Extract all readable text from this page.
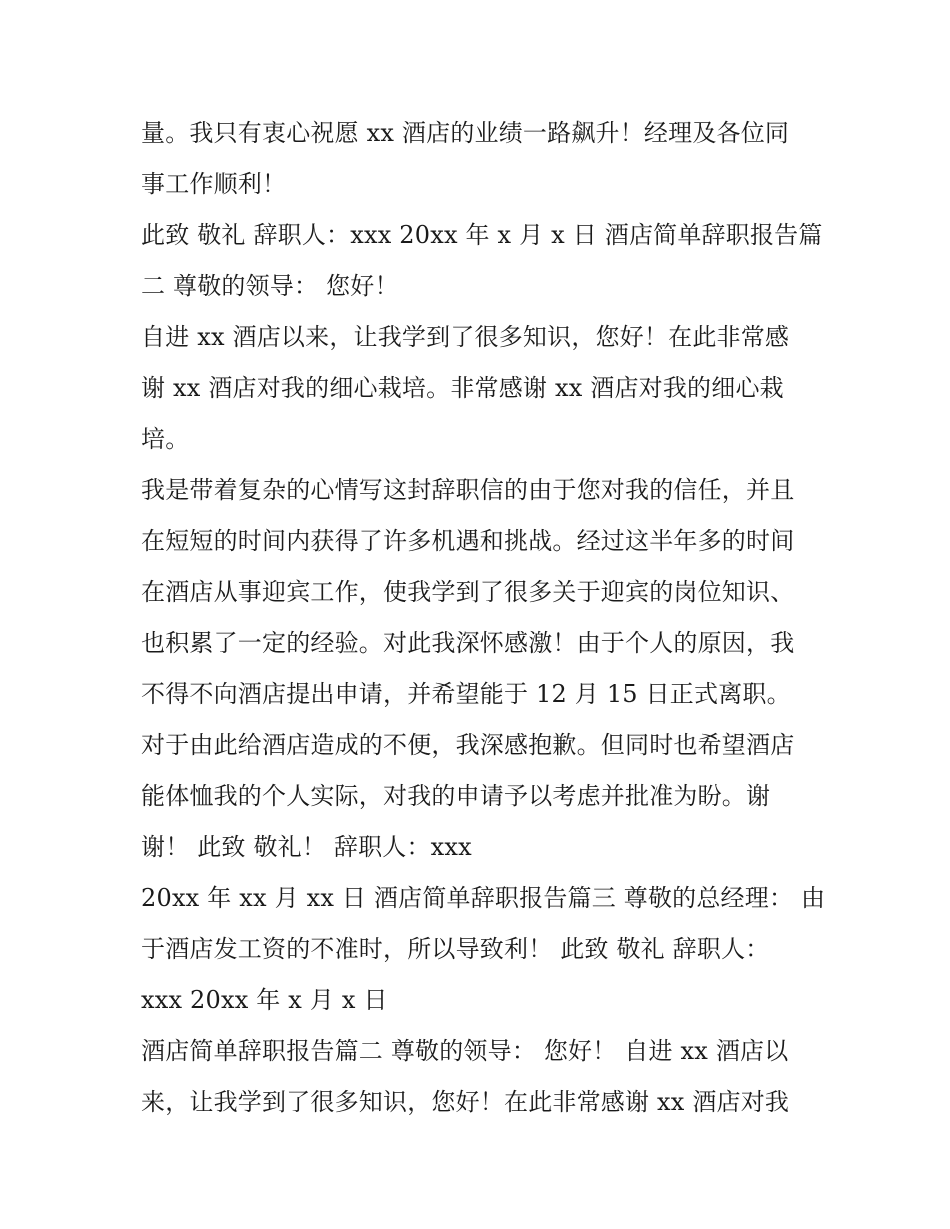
量。我只有衷心祝愿 xx 酒店的业绩一路飙升！经理及各位同
事工作顺利！
此致 敬礼 辞职人：xxx 20xx 年 x 月 x 日 酒店简单辞职报告篇
二 尊敬的领导： 您好！
自进 xx 酒店以来，让我学到了很多知识，您好！在此非常感
谢 xx 酒店对我的细心栽培。非常感谢 xx 酒店对我的细心栽
培。
我是带着复杂的心情写这封辞职信的由于您对我的信任，并且
在短短的时间内获得了许多机遇和挑战。经过这半年多的时间
在酒店从事迎宾工作，使我学到了很多关于迎宾的岗位知识、
也积累了一定的经验。对此我深怀感激！由于个人的原因，我
不得不向酒店提出申请，并希望能于 12 月 15 日正式离职。
对于由此给酒店造成的不便，我深感抱歉。但同时也希望酒店
能体恤我的个人实际，对我的申请予以考虑并批准为盼。谢
谢！ 此致 敬礼！ 辞职人：xxx
20xx 年 xx 月 xx 日 酒店简单辞职报告篇三 尊敬的总经理： 由
于酒店发工资的不准时，所以导致利！ 此致 敬礼 辞职人：
xxx 20xx 年 x 月 x 日
酒店简单辞职报告篇二 尊敬的领导： 您好！ 自进 xx 酒店以
来，让我学到了很多知识，您好！在此非常感谢 xx 酒店对我
